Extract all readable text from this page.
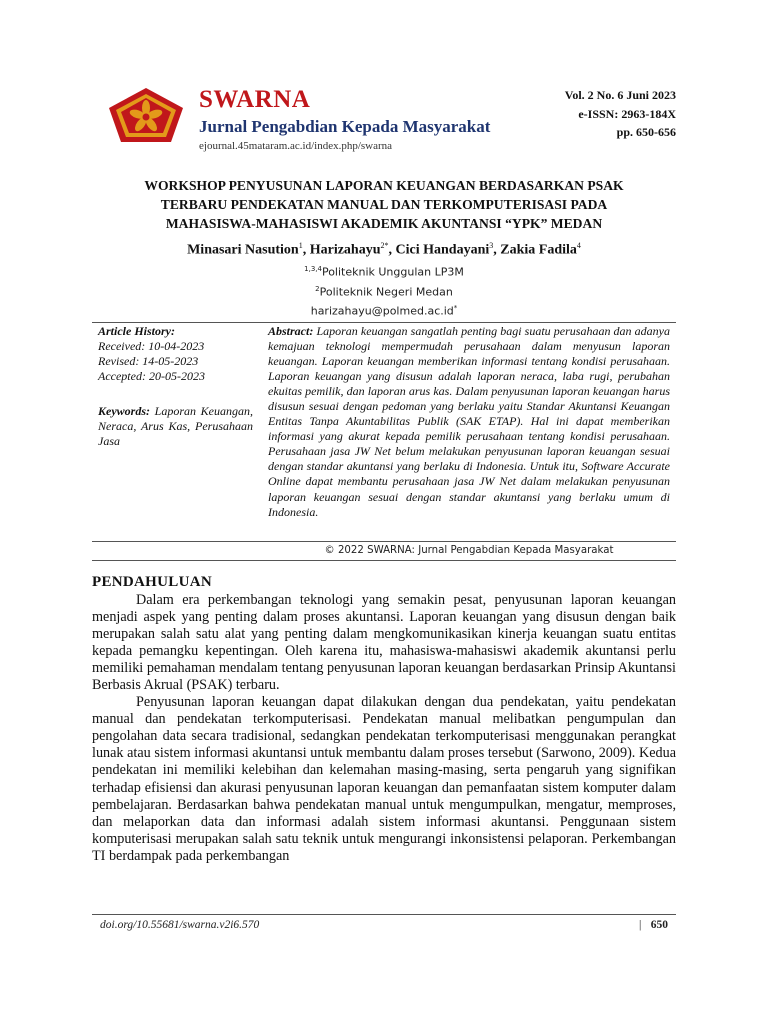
SWARNA
Jurnal Pengabdian Kepada Masyarakat
ejournal.45mataram.ac.id/index.php/swarna
Vol. 2 No. 6 Juni 2023
e-ISSN: 2963-184X
pp. 650-656
WORKSHOP PENYUSUNAN LAPORAN KEUANGAN BERDASARKAN PSAK
TERBARU PENDEKATAN MANUAL DAN TERKOMPUTERISASI PADA
MAHASISWA-MAHASISWI AKADEMIK AKUNTANSI “YPK” MEDAN
Minasari Nasution$^1$, Harizahayu$^{2*}$, Cici Handayani$^3$, Zakia Fadila$^4$
$^{1,3,4}$Politeknik Unggulan LP3M
$^2$Politeknik Negeri Medan
harizahayu@polmed.ac.id*
Article History:
Received: 10-04-2023
Revised: 14-05-2023
Accepted: 20-05-2023
Keywords: Laporan Keuangan, Neraca, Arus Kas, Perusahaan Jasa
Abstract: Laporan keuangan sangatlah penting bagi suatu perusahaan dan adanya kemajuan teknologi mempermudah perusahaan dalam menyusun laporan keuangan. Laporan keuangan memberikan informasi tentang kondisi perusahaan. Laporan keuangan yang disusun adalah laporan neraca, laba rugi, perubahan ekuitas pemilik, dan laporan arus kas. Dalam penyusunan laporan keuangan harus disusun sesuai dengan pedoman yang berlaku yaitu Standar Akuntansi Keuangan Entitas Tanpa Akuntabilitas Publik (SAK ETAP). Hal ini dapat memberikan informasi yang akurat kepada pemilik perusahaan tentang kondisi perusahaan. Perusahaan jasa JW Net belum melakukan penyusunan laporan keuangan sesuai dengan standar akuntansi yang berlaku di Indonesia. Untuk itu, Software Accurate Online dapat membantu perusahaan jasa JW Net dalam melakukan penyusunan laporan keuangan sesuai dengan standar akuntansi yang berlaku umum di Indonesia.
© 2022 SWARNA: Jurnal Pengabdian Kepada Masyarakat
PENDAHULUAN

Dalam era perkembangan teknologi yang semakin pesat, penyusunan laporan keuangan menjadi aspek yang penting dalam proses akuntansi. Laporan keuangan yang disusun dengan baik merupakan salah satu alat yang penting dalam mengkomunikasikan kinerja keuangan suatu entitas kepada pemangku kepentingan. Oleh karena itu, mahasiswa-mahasiswi akademik akuntansi perlu memiliki pemahaman mendalam tentang penyusunan laporan keuangan berdasarkan Prinsip Akuntansi Berbasis Akrual (PSAK) terbaru.

Penyusunan laporan keuangan dapat dilakukan dengan dua pendekatan, yaitu pendekatan manual dan pendekatan terkomputerisasi. Pendekatan manual melibatkan pengumpulan dan pengolahan data secara tradisional, sedangkan pendekatan terkomputerisasi menggunakan perangkat lunak atau sistem informasi akuntansi untuk membantu dalam proses tersebut (Sarwono, 2009). Kedua pendekatan ini memiliki kelebihan dan kelemahan masing-masing, serta pengaruh yang signifikan terhadap efisiensi dan akurasi penyusunan laporan keuangan dan pemanfaatan sistem komputer dalam pembelajaran. Berdasarkan bahwa pendekatan manual untuk mengumpulkan, mengatur, memproses, dan melaporkan data dan informasi adalah sistem informasi akuntansi. Penggunaan sistem komputerisasi merupakan salah satu teknik untuk mengurangi inkonsistensi pelaporan. Perkembangan TI berdampak pada perkembangan

doi.org/10.55681/swarna.v2i6.570	| 650
